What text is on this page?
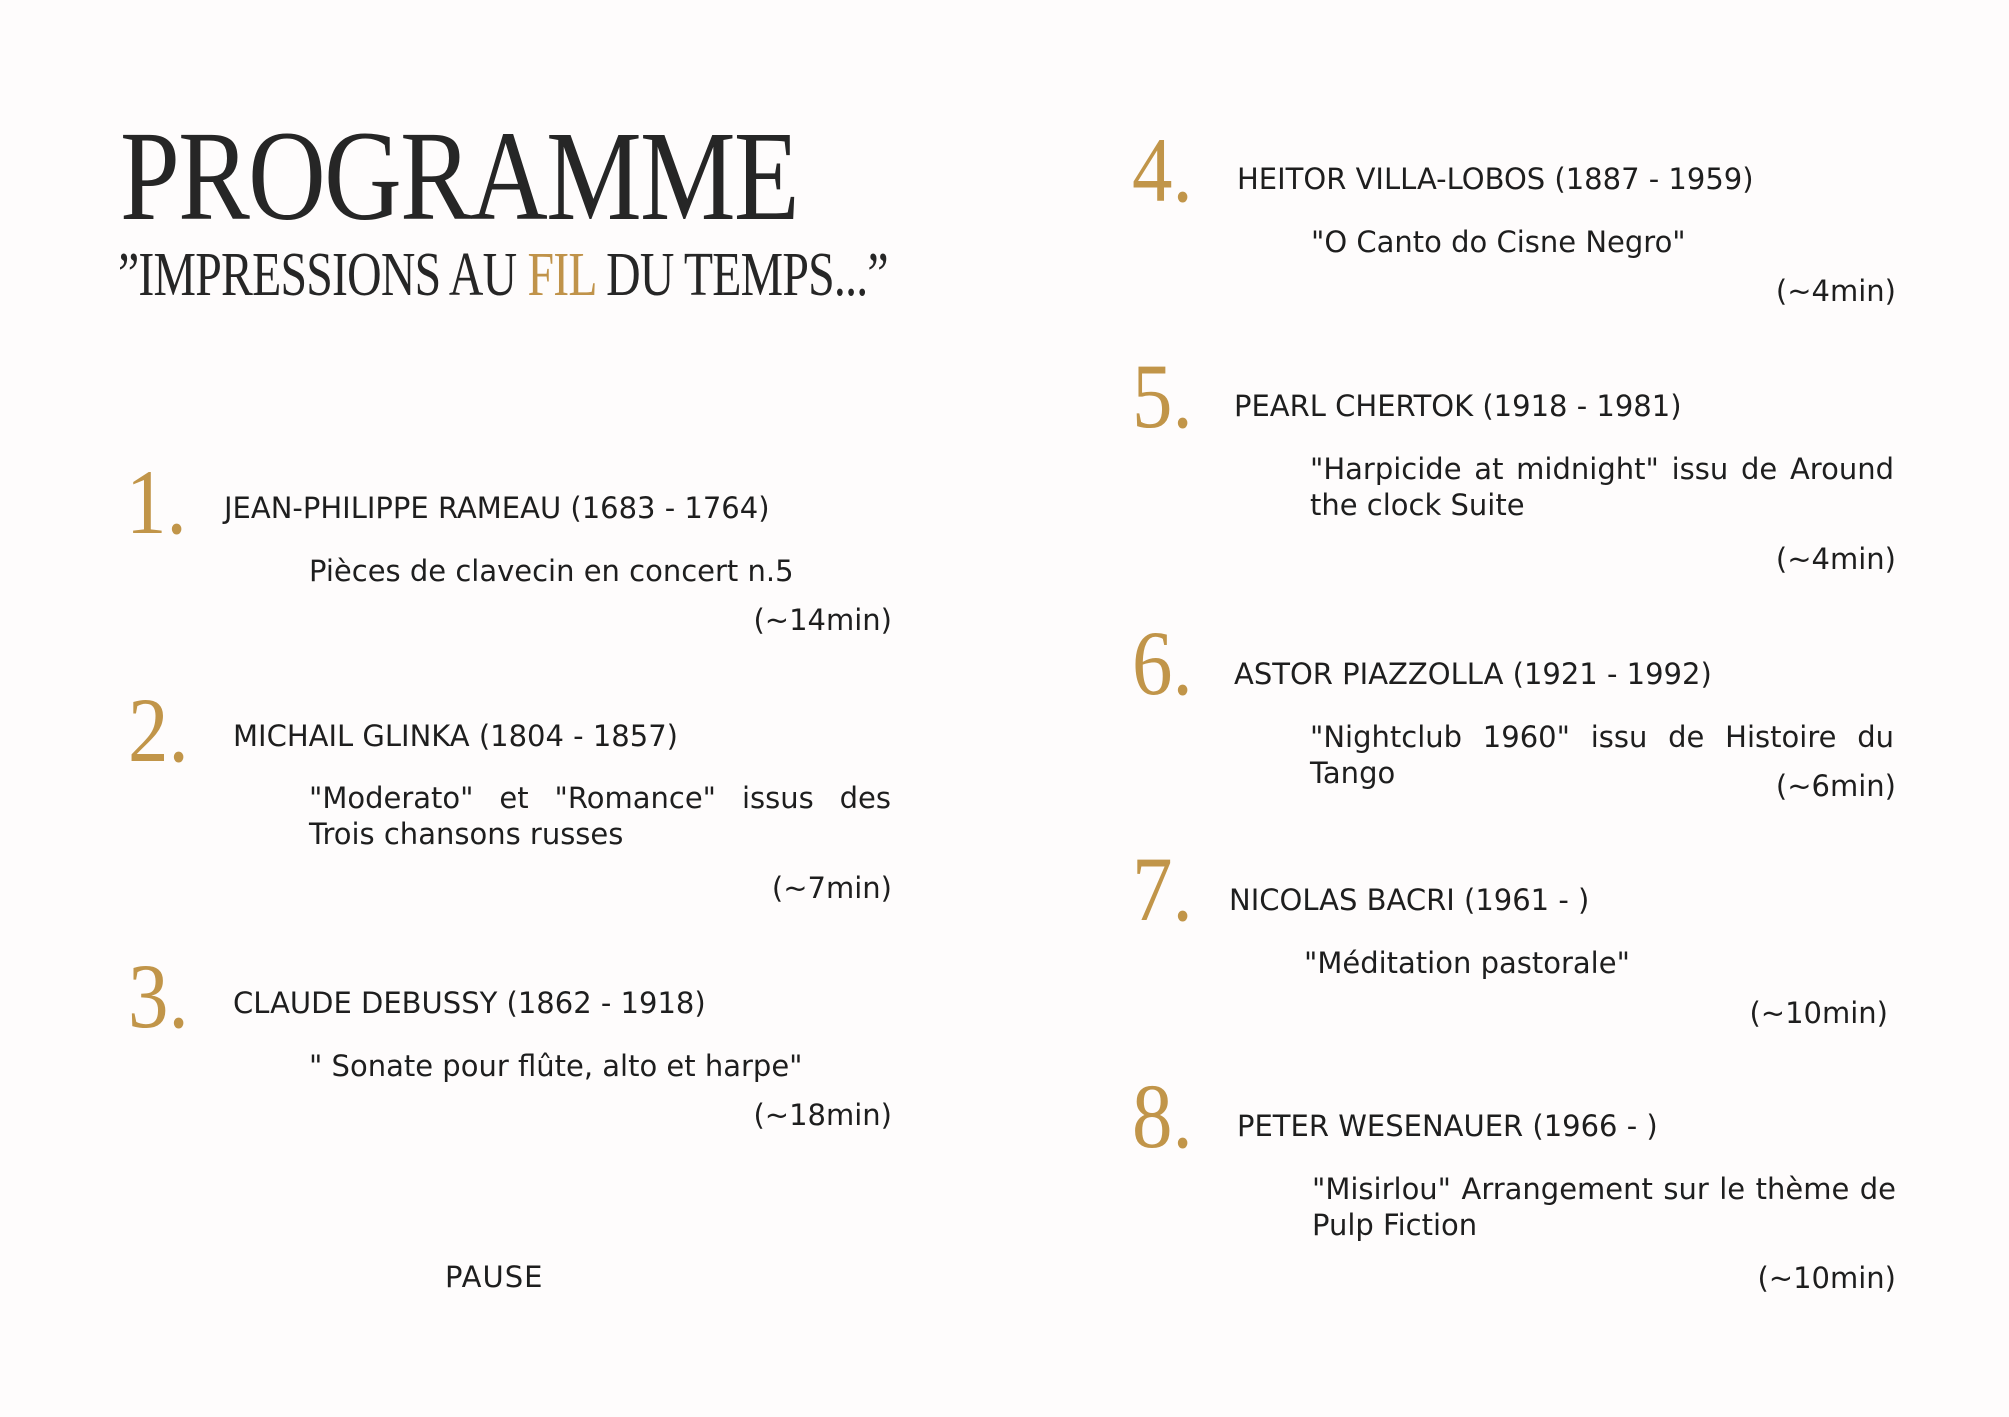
PROGRAMME
”IMPRESSIONS AU FIL DU TEMPS...”
1. JEAN-PHILIPPE RAMEAU (1683 - 1764)
Pièces de clavecin en concert n.5
(~14min)
2. MICHAIL GLINKA (1804 - 1857)
"Moderato" et "Romance" issus des Trois chansons russes
(~7min)
3. CLAUDE DEBUSSY (1862 - 1918)
" Sonate pour flûte, alto et harpe"
(~18min)
PAUSE
4. HEITOR VILLA-LOBOS (1887 - 1959)
"O Canto do Cisne Negro"
(~4min)
5. PEARL CHERTOK (1918 - 1981)
"Harpicide at midnight" issu de Around the clock Suite
(~4min)
6. ASTOR PIAZZOLLA (1921 - 1992)
"Nightclub 1960" issu de Histoire du Tango	(~6min)
7. NICOLAS BACRI (1961 - )
"Méditation pastorale"
(~10min)
8. PETER WESENAUER (1966 - )
"Misirlou" Arrangement sur le thème de Pulp Fiction
(~10min)
